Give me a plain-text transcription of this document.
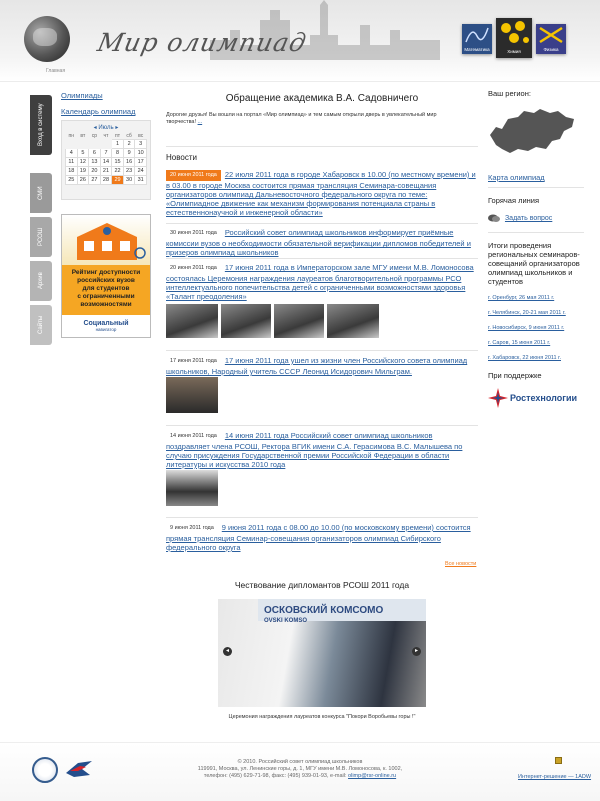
Мир олимпиад
Главная
Математика	Химия	Физика
Вход в систему
СМИ
РСОШ
Архив
Сайты
Олимпиады
Календарь олимпиад
◂ Июль ▸
пн	вт	ср	чт	пт	сб	вс
				1	2	3
4	5	6	7	8	9	10
11	12	13	14	15	16	17
18	19	20	21	22	23	24
25	26	27	28	29	30	31
Рейтинг доступности
российских вузов
для студентов
с ограниченными
возможностями
Социальный
навигатор
Обращение академика В.А. Садовничего
Дорогие друзья! Вы вошли на портал «Мир олимпиад» и тем самым открыли дверь в увлекательный мир творчества! ...
Новости
20 июня 2011 года 22 июля 2011 года в городе Хабаровск в 10.00 (по местному времени) и в 03.00 в городе Москва состоится прямая трансляция Семинара-совещания организаторов олимпиад Дальневосточного федерального округа по теме: «Олимпиадное движение как механизм формирования потенциала страны в естественнонаучной и инженерной области»
30 июня 2011 года Российский совет олимпиад школьников информирует приёмные комиссии вузов о необходимости обязательной верификации дипломов победителей и призеров олимпиад школьников
20 июня 2011 года 17 июня 2011 года в Императорском зале МГУ имени М.В. Ломоносова состоялась Церемония награждения лауреатов благотворительной программы РСО интеллектуального попечительства детей с ограниченными возможностями здоровья «Талант преодоления»
17 июня 2011 года 17 июня 2011 года ушел из жизни член Российского совета олимпиад школьников, Народный учитель СССР Леонид Исидорович Мильграм.
14 июня 2011 года 14 июня 2011 года Российский совет олимпиад школьников поздравляет члена РСОШ, Ректора ВГИК имени С.А. Герасимова В.С. Малышева по случаю присуждения Государственной премии Российской Федерации в области литературы и искусства 2010 года
9 июня 2011 года 9 июня 2011 года с 08.00 до 10.00 (по московскому времени) состоится прямая трансляция Семинар-совещания организаторов олимпиад Сибирского федерального округа
Все новости
Чествование дипломантов РСОШ 2011 года
ОСКОВСКИЙ КОМСОМО
OVSKI KOMSO
◂	▸
Церемония награждения лауреатов конкурса "Покори Воробьевы горы !"
Ваш регион:
Карта олимпиад
Горячая линия
Задать вопрос
Итоги проведения региональных семинаров-совещаний организаторов олимпиад школьников и студентов
г. Оренбург, 26 мая 2011 г.
г. Челябинск, 20-21 мая 2011 г.
г. Новосибирск, 9 июня 2011 г.
г. Саров, 15 июня 2011 г.
г. Хабаровск, 22 июня 2011 г.
При поддержке
Ростехнологии
© 2010. Российский совет олимпиад школьников
119991, Москва, ул. Ленинские горы, д. 1, МГУ имени М.В. Ломоносова, к. 1002,
телефон: (495) 629-71-98, факс: (495) 939-01-93, e-mail: olimp@rsr-online.ru	Интернет-решение — 1ADW
